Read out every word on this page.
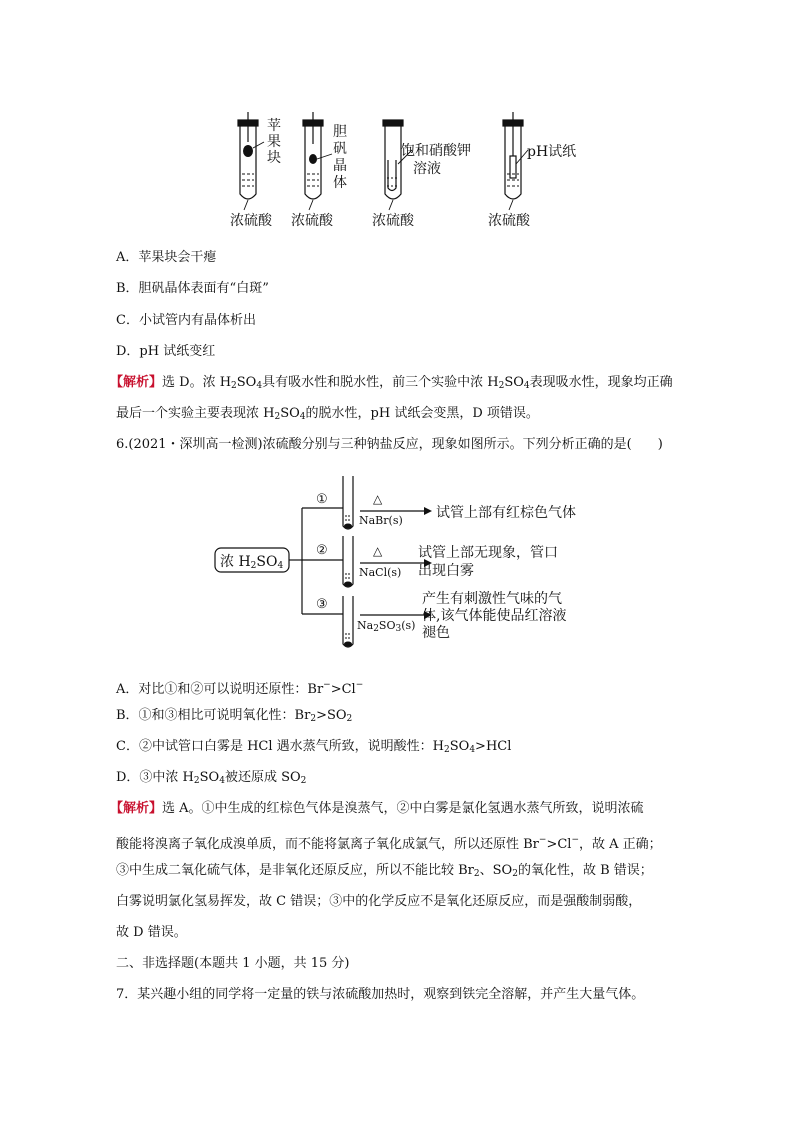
苹
果
块
胆
矾
晶
体
饱和硝酸钾
溶液
pH试纸
浓硫酸 浓硫酸	浓硫酸	浓硫酸
A．苹果块会干瘪
B．胆矾晶体表面有“白斑”
C．小试管内有晶体析出
D．pH 试纸变红
【解析】选 D。浓 $H_2SO_4$具有吸水性和脱水性，前三个实验中浓 $H_2SO_4$表现吸水性，现象均正确
最后一个实验主要表现浓 $H_2SO_4$的脱水性，pH 试纸会变黑，D 项错误。
6.(2021・深圳高一检测)浓硫酸分别与三种钠盐反应，现象如图所示。下列分析正确的是(　　)
浓 $H_2SO_4$
①
②
③
△
△
NaBr(s)
NaCl(s)
$Na_2SO_3(s)$
试管上部有红棕色气体
试管上部无现象，管口
出现白雾
产生有刺激性气味的气
体,该气体能使品红溶液
褪色
A．对比①和②可以说明还原性：Br−>Cl−
B．①和③相比可说明氧化性：$Br_2>SO_2$
C．②中试管口白雾是 HCl 遇水蒸气所致，说明酸性：$H_2SO_4>HCl$
D．③中浓 $H_2SO_4$被还原成 $SO_2$
【解析】选 A。①中生成的红棕色气体是溴蒸气，②中白雾是氯化氢遇水蒸气所致，说明浓硫
酸能将溴离子氧化成溴单质，而不能将氯离子氧化成氯气，所以还原性 Br−>Cl−，故 A 正确；
③中生成二氧化硫气体，是非氧化还原反应，所以不能比较 $Br_2$、$SO_2$的氧化性，故 B 错误；
白雾说明氯化氢易挥发，故 C 错误；③中的化学反应不是氧化还原反应，而是强酸制弱酸，
故 D 错误。
二、非选择题(本题共 1 小题，共 15 分)
7．某兴趣小组的同学将一定量的铁与浓硫酸加热时，观察到铁完全溶解，并产生大量气体。
